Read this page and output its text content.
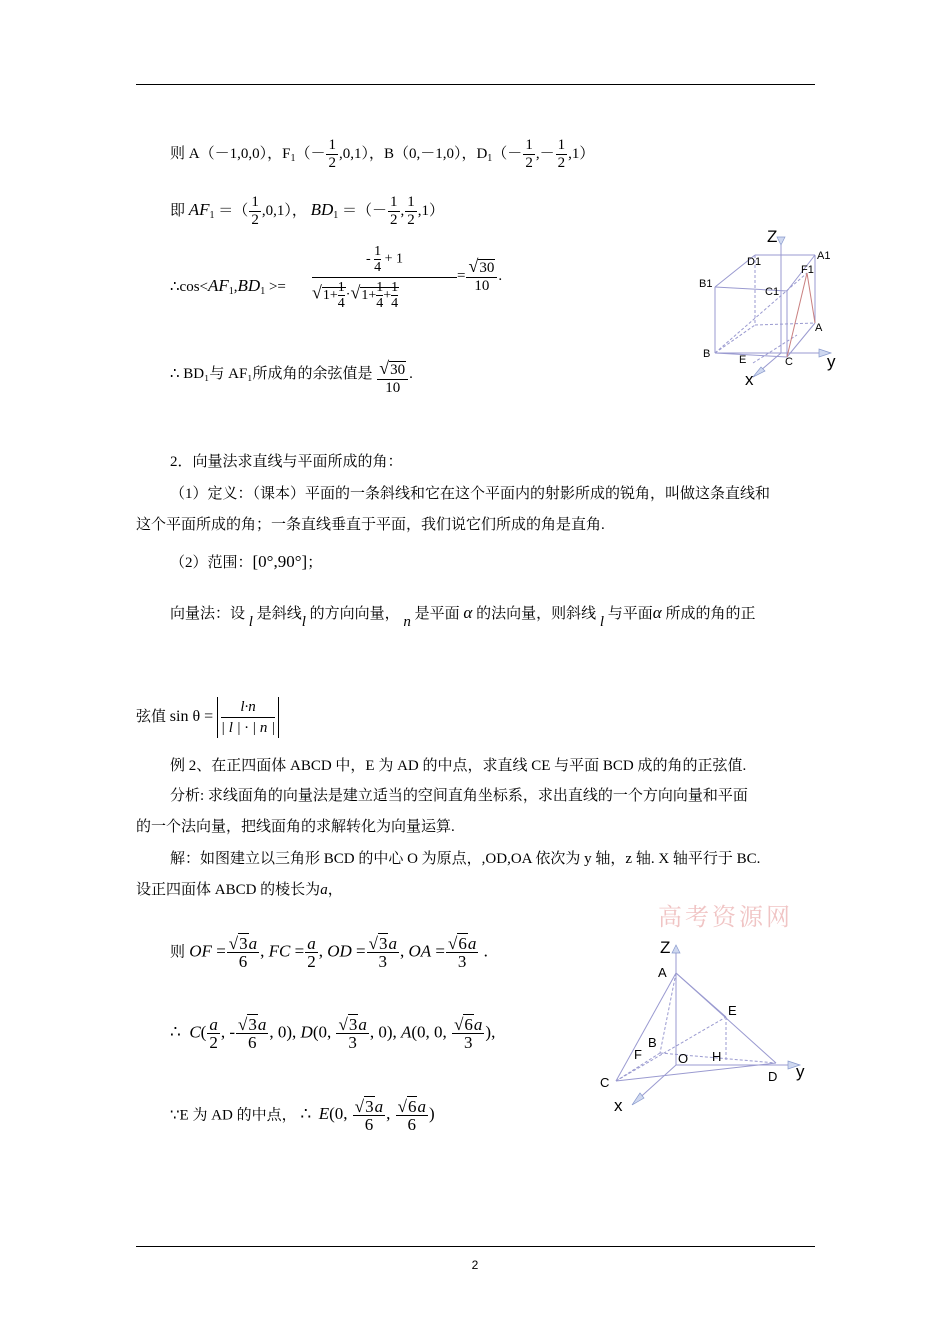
则 A（－1,0,0），$F_1(- \frac{1}{2} ,0,1)$，B（0,－1,0），$D_1(- \frac{1}{2}$ ,－ $\frac{1}{2} ,1$）
即 $AF_1$ ＝（ $\frac{1}{2} ,0,1$）， $BD_1$ ＝（－ $\frac{1}{2}$ , $\frac{1}{2} ,1$）
$\therefore\cos<AF_1,BD_1$ >=
- $\frac{1}{4} + 1$
$√1+ \frac{1}{4} \cdot√1+ \frac{1}{4} + \frac{1}{4}$
= $\frac{√30}{10}$ .
∴ BD₁与 AF₁所成角的余弦值是 $\frac{√30}{10}$ .
Z
A1
D1
F1
B1
C1
A
B	E	C y
x
2．向量法求直线与平面所成的角：
（1）定义：（课本）平面的一条斜线和它在这个平面内的射影所成的锐角，叫做这条直线和
这个平面所成的角；一条直线垂直于平面，我们说它们所成的角是直角.
（2）范围：[0°,90°]；
向量法：设 l 是斜线l 的方向向量， n 是平面 α 的法向量，则斜线 l 与平面α 所成的角的正
弦值 $\sin \theta = \frac{l\cdot n}{| l | \cdot | n |}$
例 2、在正四面体 ABCD 中，E 为 AD 的中点，求直线 CE 与平面 BCD 成的角的正弦值.
分析: 求线面角的向量法是建立适当的空间直角坐标系，求出直线的一个方向向量和平面
的一个法向量，把线面角的求解转化为向量运算.
解：如图建立以三角形 BCD 的中心 O 为原点，,OD,OA 依次为 y 轴，z 轴. X 轴平行于 BC.
设正四面体 ABCD 的棱长为a，
高考资源网
则 OF = $\frac{√3a}{6}$ , FC = $\frac{a}{2}$ , OD = $\frac{√3a}{3}$ , OA = $\frac{√6a}{3}$ .
∴ $C( \frac{a}{2}$ , - $\frac{√3a}{6}$ , 0), D(0, $\frac{√3a}{3}$ , 0), A(0, 0, $\frac{√6a}{3}$ ),
∵E 为 AD 的中点， ∴ E(0, $\frac{√3a}{6}$ , $\frac{√6a}{6}$ )
Z
A
E
B
F	O H
C	D y
x
2
